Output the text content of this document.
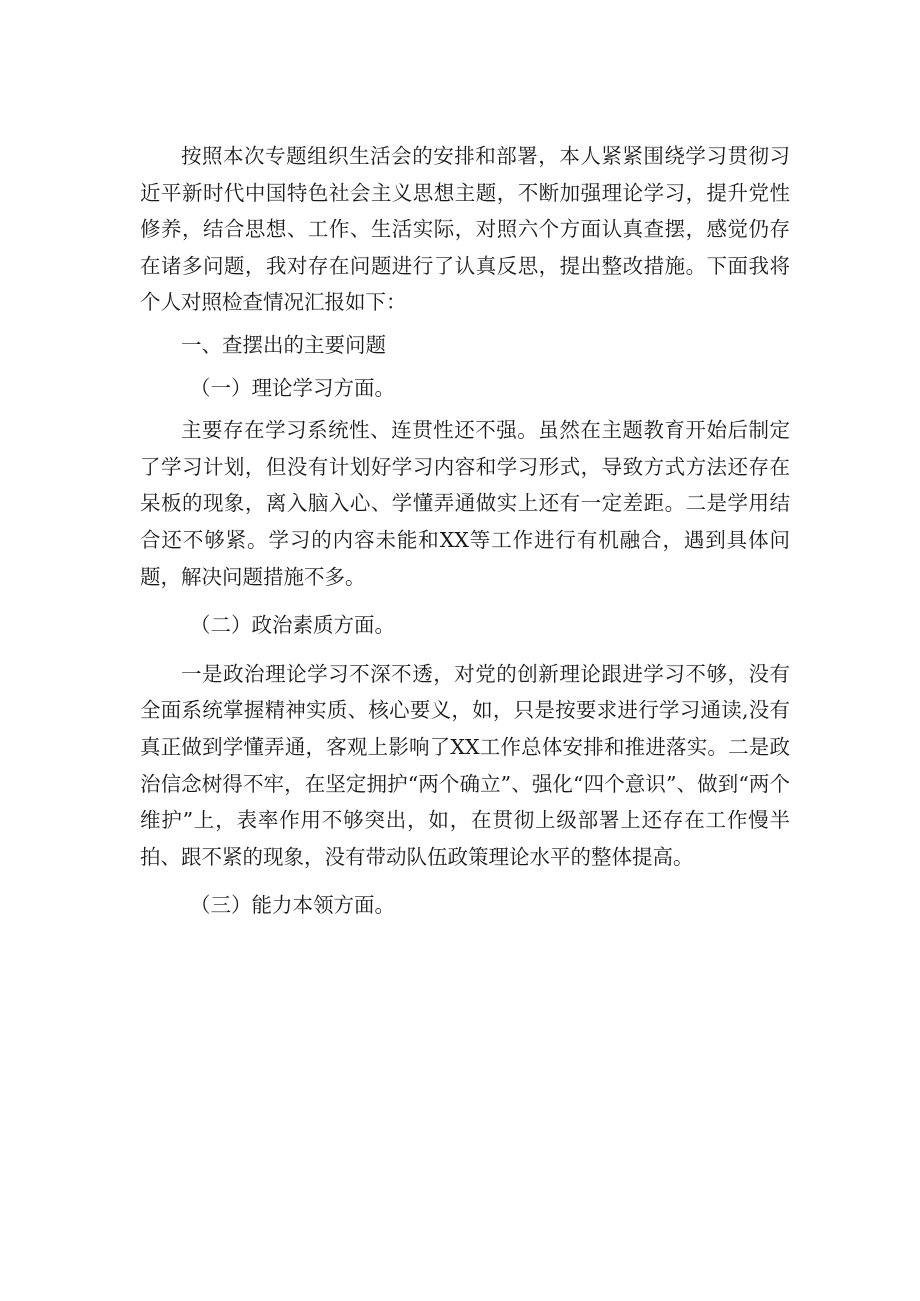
按照本次专题组织生活会的安排和部署，本人紧紧围绕学习贯彻习近平新时代中国特色社会主义思想主题，不断加强理论学习，提升党性修养，结合思想、工作、生活实际，对照六个方面认真查摆，感觉仍存在诸多问题，我对存在问题进行了认真反思，提出整改措施。下面我将个人对照检查情况汇报如下：

一、查摆出的主要问题

（一）理论学习方面。

主要存在学习系统性、连贯性还不强。虽然在主题教育开始后制定了学习计划，但没有计划好学习内容和学习形式，导致方式方法还存在呆板的现象，离入脑入心、学懂弄通做实上还有一定差距。二是学用结合还不够紧。学习的内容未能和XX等工作进行有机融合，遇到具体问题，解决问题措施不多。

（二）政治素质方面。

一是政治理论学习不深不透，对党的创新理论跟进学习不够，没有全面系统掌握精神实质、核心要义，如，只是按要求进行学习通读,没有真正做到学懂弄通，客观上影响了XX工作总体安排和推进落实。二是政治信念树得不牢，在坚定拥护“两个确立”、强化“四个意识”、做到“两个维护”上，表率作用不够突出，如，在贯彻上级部署上还存在工作慢半拍、跟不紧的现象，没有带动队伍政策理论水平的整体提高。

（三）能力本领方面。
